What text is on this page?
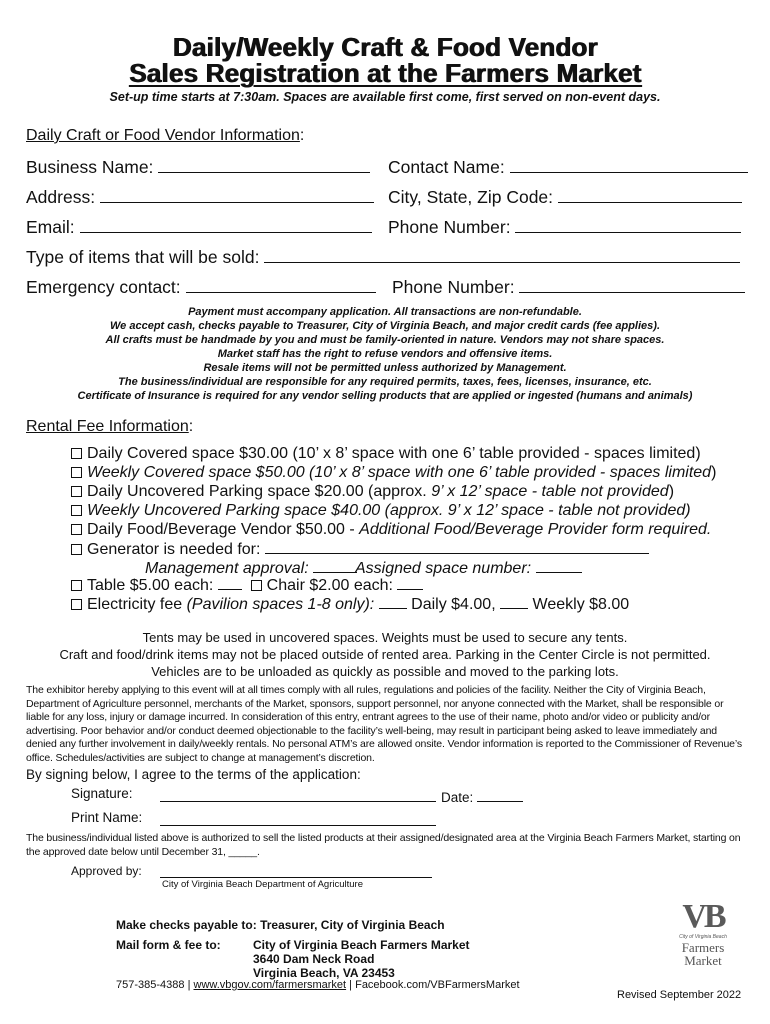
Daily/Weekly Craft & Food Vendor
Sales Registration at the Farmers Market
Set-up time starts at 7:30am. Spaces are available first come, first served on non-event days.
Daily Craft or Food Vendor Information:
Business Name:	Contact Name:
Address:	City, State, Zip Code:
Email:	Phone Number:
Type of items that will be sold:
Emergency contact:	Phone Number:
Payment must accompany application. All transactions are non-refundable.
We accept cash, checks payable to Treasurer, City of Virginia Beach, and major credit cards (fee applies).
All crafts must be handmade by you and must be family-oriented in nature. Vendors may not share spaces.
Market staff has the right to refuse vendors and offensive items.
Resale items will not be permitted unless authorized by Management.
The business/individual are responsible for any required permits, taxes, fees, licenses, insurance, etc.
Certificate of Insurance is required for any vendor selling products that are applied or ingested (humans and animals)
Rental Fee Information:
Daily Covered space $30.00 (10’ x 8’ space with one 6’ table provided - spaces limited)
Weekly Covered space $50.00 (10’ x 8’ space with one 6’ table provided - spaces limited)
Daily Uncovered Parking space $20.00 (approx. 9’ x 12’ space - table not provided)
Weekly Uncovered Parking space $40.00 (approx. 9’ x 12’ space - table not provided)
Daily Food/Beverage Vendor $50.00 - Additional Food/Beverage Provider form required.
Generator is needed for:
Management approval:	Assigned space number:
Table $5.00 each:	Chair $2.00 each:
Electricity fee (Pavilion spaces 1-8 only): Daily $4.00, Weekly $8.00
Tents may be used in uncovered spaces. Weights must be used to secure any tents.
Craft and food/drink items may not be placed outside of rented area. Parking in the Center Circle is not permitted.
Vehicles are to be unloaded as quickly as possible and moved to the parking lots.
The exhibitor hereby applying to this event will at all times comply with all rules, regulations and policies of the facility. Neither the City of Virginia Beach, Department of Agriculture personnel, merchants of the Market, sponsors, support personnel, nor anyone connected with the Market, shall be responsible or liable for any loss, injury or damage incurred. In consideration of this entry, entrant agrees to the use of their name, photo and/or video or publicity and/or advertising. Poor behavior and/or conduct deemed objectionable to the facility’s well-being, may result in participant being asked to leave immediately and denied any further involvement in daily/weekly rentals. No personal ATM’s are allowed onsite. Vendor information is reported to the Commissioner of Revenue’s office. Schedules/activities are subject to change at management’s discretion.
By signing below, I agree to the terms of the application:
Signature:	Date:
Print Name:
The business/individual listed above is authorized to sell the listed products at their assigned/designated area at the Virginia Beach Farmers Market, starting on the approved date below until December 31, _____.
Approved by:
City of Virginia Beach Department of Agriculture
Make checks payable to: Treasurer, City of Virginia Beach
Mail form & fee to:	City of Virginia Beach Farmers Market
3640 Dam Neck Road
Virginia Beach, VA 23453
757-385-4388 | www.vbgov.com/farmersmarket | Facebook.com/VBFarmersMarket
VB
City of Virginia Beach
Farmers
Market
Revised September 2022
